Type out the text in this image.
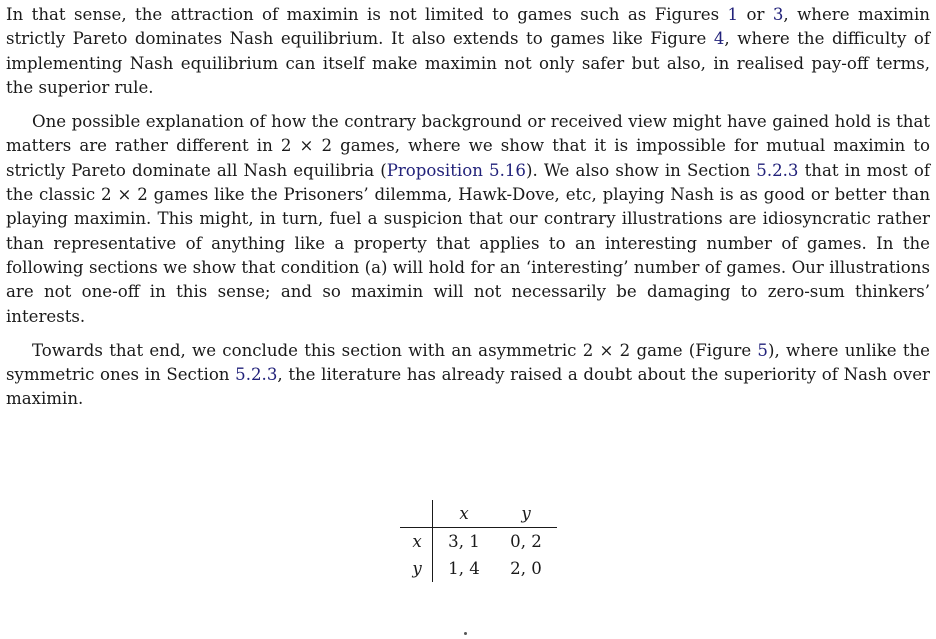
In that sense, the attraction of maximin is not limited to games such as Figures 1 or 3, where maximin strictly Pareto dominates Nash equilibrium. It also extends to games like Figure 4, where the difficulty of implementing Nash equilibrium can itself make maximin not only safer but also, in realised pay-off terms, the superior rule.

One possible explanation of how the contrary background or received view might have gained hold is that matters are rather different in 2 × 2 games, where we show that it is impossible for mutual maximin to strictly Pareto dominate all Nash equilibria (Proposition 5.16). We also show in Section 5.2.3 that in most of the classic 2 × 2 games like the Prisoners’ dilemma, Hawk-Dove, etc, playing Nash is as good or better than playing maximin. This might, in turn, fuel a suspicion that our contrary illustrations are idiosyncratic rather than representative of anything like a property that applies to an interesting number of games. In the following sections we show that condition (a) will hold for an ‘interesting’ number of games. Our illustrations are not one-off in this sense; and so maximin will not necessarily be damaging to zero-sum thinkers’ interests.

Towards that end, we conclude this section with an asymmetric 2 × 2 game (Figure 5), where unlike the symmetric ones in Section 5.2.3, the literature has already raised a doubt about the superiority of Nash over maximin.

	x	y
x	3, 1	0, 2
y	1, 4	2, 0
